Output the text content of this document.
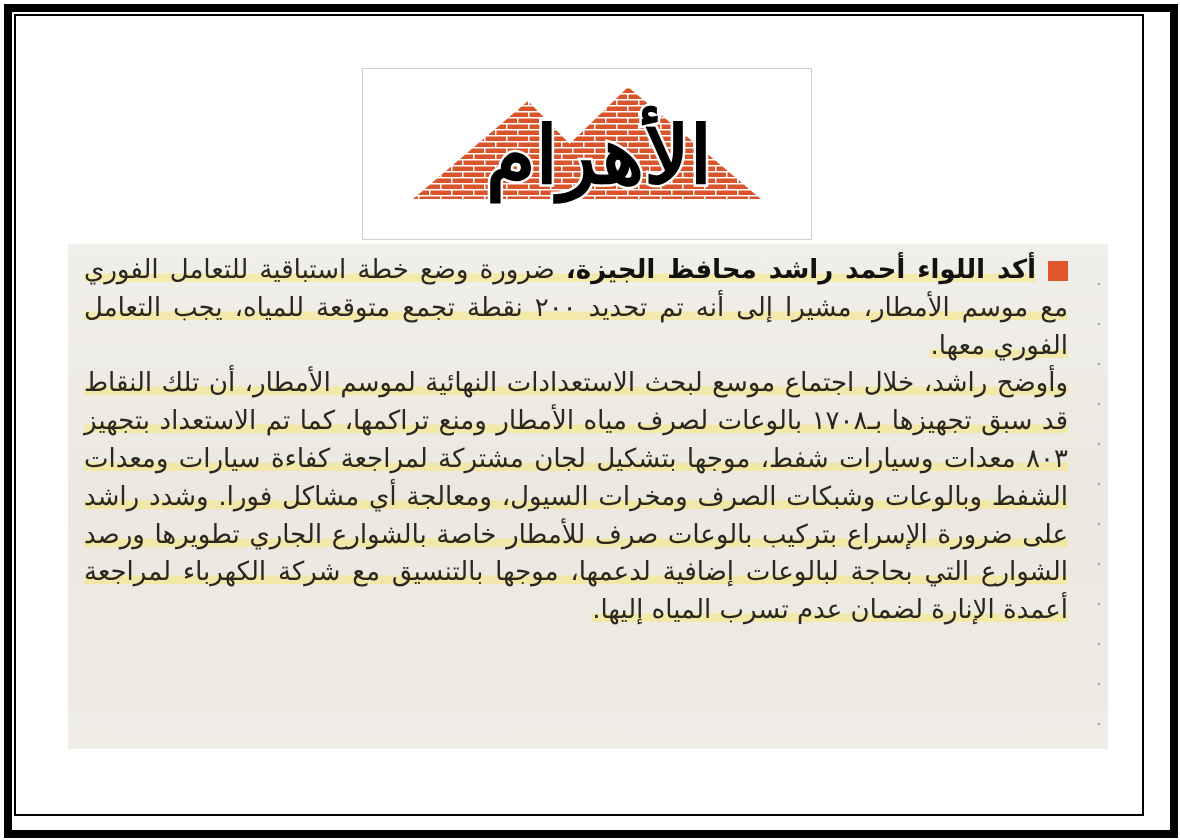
الأهرام

أكد اللواء أحمد راشد محافظ الجيزة، ضرورة وضع خطة استباقية للتعامل الفوري مع موسم الأمطار، مشيرا إلى أنه تم تحديد ٢٠٠ نقطة تجمع متوقعة للمياه، يجب التعامل الفوري معها.

وأوضح راشد، خلال اجتماع موسع لبحث الاستعدادات النهائية لموسم الأمطار، أن تلك النقاط قد سبق تجهيزها بـ١٧٠٨ بالوعات لصرف مياه الأمطار ومنع تراكمها، كما تم الاستعداد بتجهيز ٨٠٣ معدات وسيارات شفط، موجها بتشكيل لجان مشتركة لمراجعة كفاءة سيارات ومعدات الشفط وبالوعات وشبكات الصرف ومخرات السيول، ومعالجة أي مشاكل فورا. وشدد راشد على ضرورة الإسراع بتركيب بالوعات صرف للأمطار خاصة بالشوارع الجاري تطويرها ورصد الشوارع التي بحاجة لبالوعات إضافية لدعمها، موجها بالتنسيق مع شركة الكهرباء لمراجعة أعمدة الإنارة لضمان عدم تسرب المياه إليها.
